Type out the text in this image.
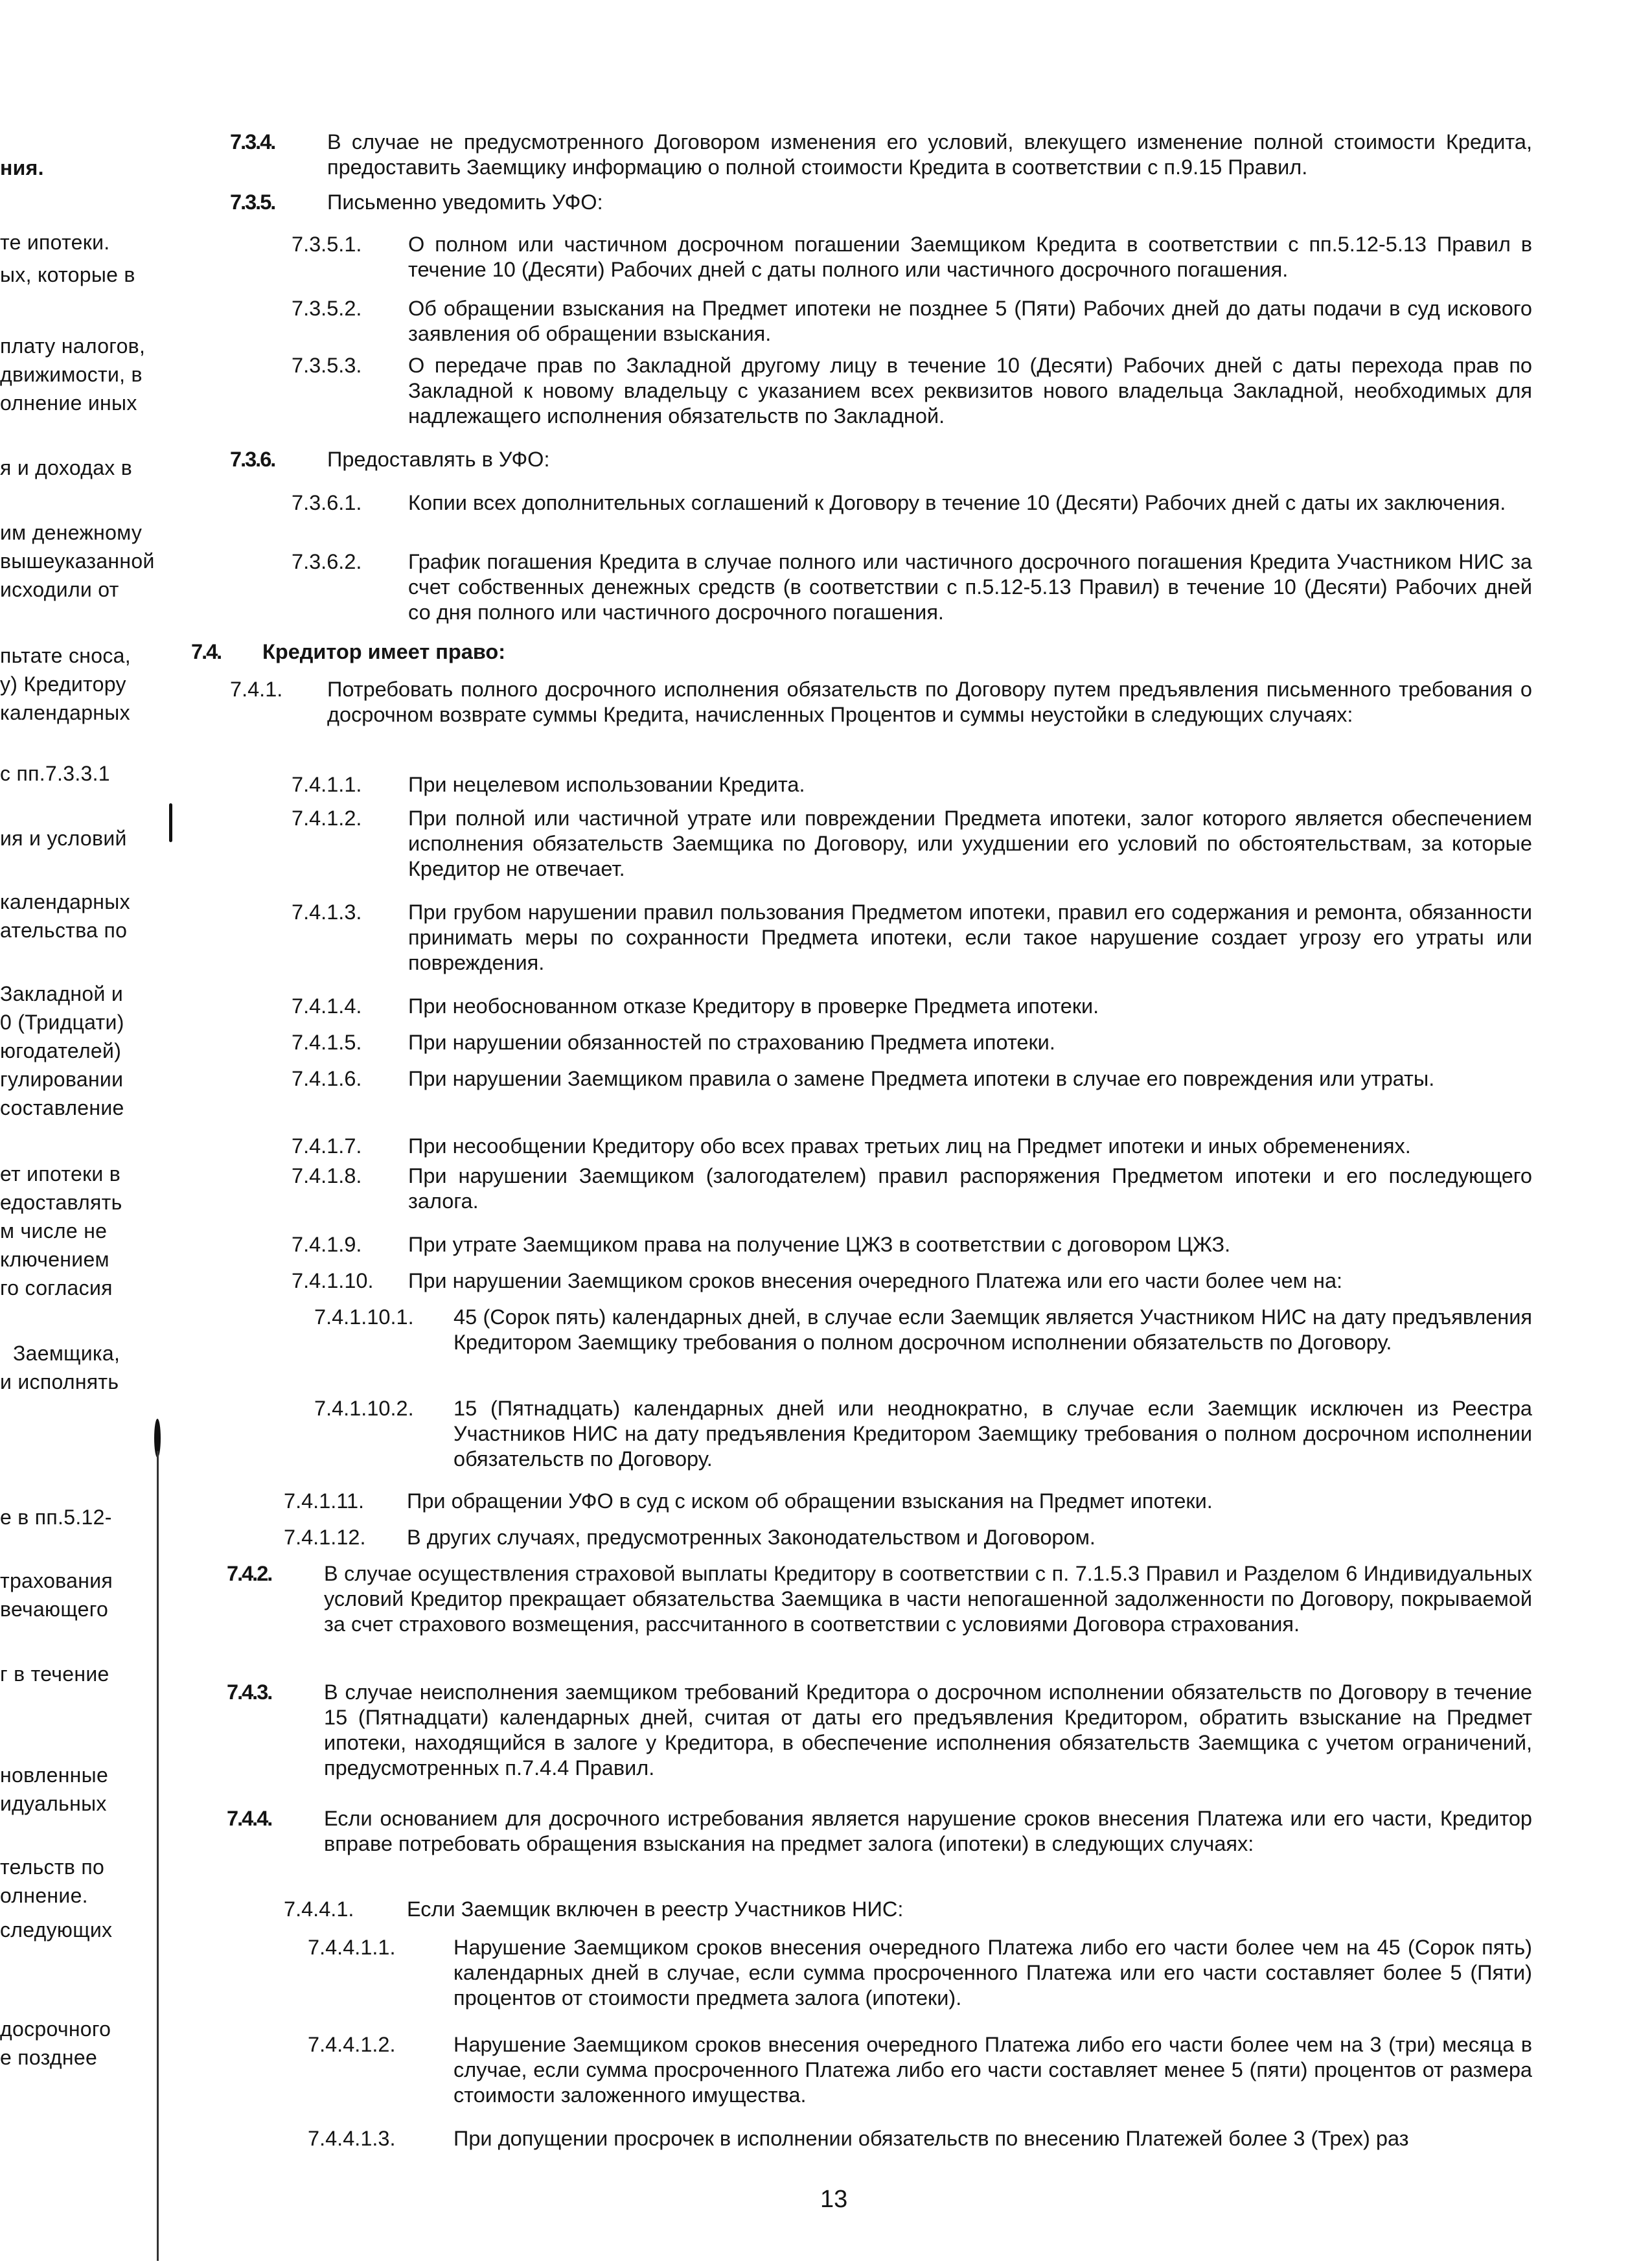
ния.
те ипотеки.
ых, которые в
плату налогов,
движимости, в
олнение иных
я и доходах в
им денежному
вышеуказанной
исходили от
пьтате сноса,
у) Кредитору
календарных
с пп.7.3.3.1
ия и условий
календарных
ательства по
Закладной и
0 (Тридцати)
югодателей)
гулировании
составление
ет ипотеки в
едоставлять
м числе не
ключением
го согласия
Заемщика,
и исполнять
е в пп.5.12-
трахования
вечающего
г в течение
новленные
идуальных
тельств по
олнение.
следующих
досрочного
е позднее
7.3.4. В случае не предусмотренного Договором изменения его условий, влекущего изменение полной стоимости Кредита, предоставить Заемщику информацию о полной стоимости Кредита в соответствии с п.9.15 Правил.
7.3.5. Письменно уведомить УФО:
7.3.5.1. О полном или частичном досрочном погашении Заемщиком Кредита в соответствии с пп.5.12-5.13 Правил в течение 10 (Десяти) Рабочих дней с даты полного или частичного досрочного погашения.
7.3.5.2. Об обращении взыскания на Предмет ипотеки не позднее 5 (Пяти) Рабочих дней до даты подачи в суд искового заявления об обращении взыскания.
7.3.5.3. О передаче прав по Закладной другому лицу в течение 10 (Десяти) Рабочих дней с даты перехода прав по Закладной к новому владельцу с указанием всех реквизитов нового владельца Закладной, необходимых для надлежащего исполнения обязательств по Закладной.
7.3.6. Предоставлять в УФО:
7.3.6.1. Копии всех дополнительных соглашений к Договору в течение 10 (Десяти) Рабочих дней с даты их заключения.
7.3.6.2. График погашения Кредита в случае полного или частичного досрочного погашения Кредита Участником НИС за счет собственных денежных средств (в соответствии с п.5.12-5.13 Правил) в течение 10 (Десяти) Рабочих дней со дня полного или частичного досрочного погашения.
7.4. Кредитор имеет право:
7.4.1. Потребовать полного досрочного исполнения обязательств по Договору путем предъявления письменного требования о досрочном возврате суммы Кредита, начисленных Процентов и суммы неустойки в следующих случаях:
7.4.1.1. При нецелевом использовании Кредита.
7.4.1.2. При полной или частичной утрате или повреждении Предмета ипотеки, залог которого является обеспечением исполнения обязательств Заемщика по Договору, или ухудшении его условий по обстоятельствам, за которые Кредитор не отвечает.
7.4.1.3. При грубом нарушении правил пользования Предметом ипотеки, правил его содержания и ремонта, обязанности принимать меры по сохранности Предмета ипотеки, если такое нарушение создает угрозу его утраты или повреждения.
7.4.1.4. При необоснованном отказе Кредитору в проверке Предмета ипотеки.
7.4.1.5. При нарушении обязанностей по страхованию Предмета ипотеки.
7.4.1.6. При нарушении Заемщиком правила о замене Предмета ипотеки в случае его повреждения или утраты.
7.4.1.7. При несообщении Кредитору обо всех правах третьих лиц на Предмет ипотеки и иных обременениях.
7.4.1.8. При нарушении Заемщиком (залогодателем) правил распоряжения Предметом ипотеки и его последующего залога.
7.4.1.9. При утрате Заемщиком права на получение ЦЖЗ в соответствии с договором ЦЖЗ.
7.4.1.10. При нарушении Заемщиком сроков внесения очередного Платежа или его части более чем на:
7.4.1.10.1. 45 (Сорок пять) календарных дней, в случае если Заемщик является Участником НИС на дату предъявления Кредитором Заемщику требования о полном досрочном исполнении обязательств по Договору.
7.4.1.10.2. 15 (Пятнадцать) календарных дней или неоднократно, в случае если Заемщик исключен из Реестра Участников НИС на дату предъявления Кредитором Заемщику требования о полном досрочном исполнении обязательств по Договору.
7.4.1.11. При обращении УФО в суд с иском об обращении взыскания на Предмет ипотеки.
7.4.1.12. В других случаях, предусмотренных Законодательством и Договором.
7.4.2. В случае осуществления страховой выплаты Кредитору в соответствии с п. 7.1.5.3 Правил и Разделом 6 Индивидуальных условий Кредитор прекращает обязательства Заемщика в части непогашенной задолженности по Договору, покрываемой за счет страхового возмещения, рассчитанного в соответствии с условиями Договора страхования.
7.4.3. В случае неисполнения заемщиком требований Кредитора о досрочном исполнении обязательств по Договору в течение 15 (Пятнадцати) календарных дней, считая от даты его предъявления Кредитором, обратить взыскание на Предмет ипотеки, находящийся в залоге у Кредитора, в обеспечение исполнения обязательств Заемщика с учетом ограничений, предусмотренных п.7.4.4 Правил.
7.4.4. Если основанием для досрочного истребования является нарушение сроков внесения Платежа или его части, Кредитор вправе потребовать обращения взыскания на предмет залога (ипотеки) в следующих случаях:
7.4.4.1.	Если Заемщик включен в реестр Участников НИС:
7.4.4.1.1.	Нарушение Заемщиком сроков внесения очередного Платежа либо его части более чем на 45 (Сорок пять) календарных дней в случае, если сумма просроченного Платежа или его части составляет более 5 (Пяти) процентов от стоимости предмета залога (ипотеки).
7.4.4.1.2.	Нарушение Заемщиком сроков внесения очередного Платежа либо его части более чем на 3 (три) месяца в случае, если сумма просроченного Платежа либо его части составляет менее 5 (пяти) процентов от размера стоимости заложенного имущества.
7.4.4.1.3.	При допущении просрочек в исполнении обязательств по внесению Платежей более 3 (Трех) раз
13
